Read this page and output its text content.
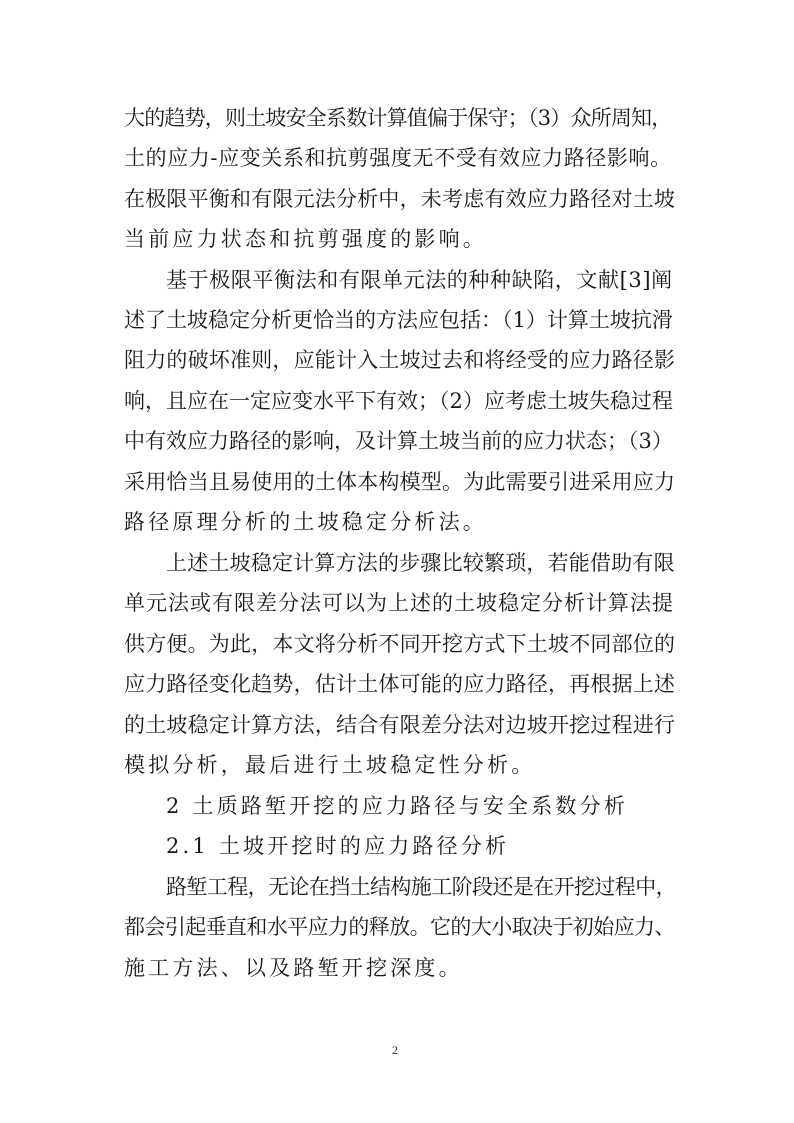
大的趋势，则土坡安全系数计算值偏于保守；（3）众所周知，
土的应力-应变关系和抗剪强度无不受有效应力路径影响。
在极限平衡和有限元法分析中，未考虑有效应力路径对土坡
当前应力状态和抗剪强度的影响。
基于极限平衡法和有限单元法的种种缺陷，文献[3]阐
述了土坡稳定分析更恰当的方法应包括：（1）计算土坡抗滑
阻力的破坏准则，应能计入土坡过去和将经受的应力路径影
响，且应在一定应变水平下有效；（2）应考虑土坡失稳过程
中有效应力路径的影响，及计算土坡当前的应力状态；（3）
采用恰当且易使用的土体本构模型。为此需要引进采用应力
路径原理分析的土坡稳定分析法。
上述土坡稳定计算方法的步骤比较繁琐，若能借助有限
单元法或有限差分法可以为上述的土坡稳定分析计算法提
供方便。为此，本文将分析不同开挖方式下土坡不同部位的
应力路径变化趋势，估计土体可能的应力路径，再根据上述
的土坡稳定计算方法，结合有限差分法对边坡开挖过程进行
模拟分析，最后进行土坡稳定性分析。
2 土质路堑开挖的应力路径与安全系数分析
2.1 土坡开挖时的应力路径分析
路堑工程，无论在挡土结构施工阶段还是在开挖过程中，
都会引起垂直和水平应力的释放。它的大小取决于初始应力、
施工方法、以及路堑开挖深度。
2
